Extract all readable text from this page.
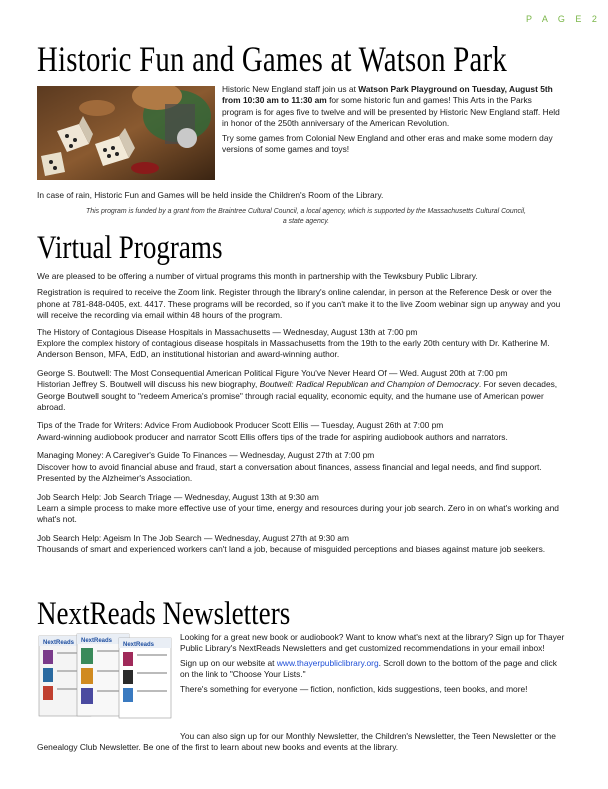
P A G E 2
Historic Fun and Games at Watson Park

Historic New England staff join us at Watson Park Playground on Tuesday, August 5th from 10:30 am to 11:30 am for some historic fun and games! This Arts in the Parks program is for ages five to twelve and will be presented by Historic New England staff. Held in honor of the 250th anniversary of the American Revolution.

Try some games from Colonial New England and other eras and make some modern day versions of some games and toys!

In case of rain, Historic Fun and Games will be held inside the Children's Room of the Library.

This program is funded by a grant from the Braintree Cultural Council, a local agency, which is supported by the Massachusetts Cultural Council, a state agency.

Virtual Programs

We are pleased to be offering a number of virtual programs this month in partnership with the Tewksbury Public Library.

Registration is required to receive the Zoom link. Register through the library's online calendar, in person at the Reference Desk or over the phone at 781-848-0405, ext. 4417. These programs will be recorded, so if you can't make it to the live Zoom webinar sign up anyway and you will receive the recording via email within 48 hours of the program.

The History of Contagious Disease Hospitals in Massachusetts — Wednesday, August 13th at 7:00 pm

Explore the complex history of contagious disease hospitals in Massachusetts from the 19th to the early 20th century with Dr. Katherine M. Anderson Benson, MFA, EdD, an institutional historian and award-winning author.

George S. Boutwell: The Most Consequential American Political Figure You've Never Heard Of — Wed. August 20th at 7:00 pm

Historian Jeffrey S. Boutwell will discuss his new biography, Boutwell: Radical Republican and Champion of Democracy. For seven decades, George Boutwell sought to "redeem America's promise" through racial equality, economic equity, and the humane use of American power abroad.

Tips of the Trade for Writers: Advice From Audiobook Producer Scott Ellis — Tuesday, August 26th at 7:00 pm

Award-winning audiobook producer and narrator Scott Ellis offers tips of the trade for aspiring audiobook authors and narrators.

Managing Money: A Caregiver's Guide To Finances — Wednesday, August 27th at 7:00 pm

Discover how to avoid financial abuse and fraud, start a conversation about finances, assess financial and legal needs, and find support. Presented by the Alzheimer's Association.

Job Search Help: Job Search Triage — Wednesday, August 13th at 9:30 am

Learn a simple process to make more effective use of your time, energy and resources during your job search. Zero in on what's working and what's not.

Job Search Help: Ageism In The Job Search — Wednesday, August 27th at 9:30 am

Thousands of smart and experienced workers can't land a job, because of misguided perceptions and biases against mature job seekers.

NextReads Newsletters
NextReads NextReads
NextReads

Looking for a great new book or audiobook? Want to know what's next at the library? Sign up for Thayer Public Library's NextReads Newsletters and get customized recommendations in your email inbox!

Sign up on our website at www.thayerpubliclibrary.org. Scroll down to the bottom of the page and click on the link to "Choose Your Lists."

There's something for everyone — fiction, nonfiction, kids suggestions, teen books, and more!

You can also sign up for our Monthly Newsletter, the Children's Newsletter, the Teen Newsletter or the Genealogy Club Newsletter. Be one of the first to learn about new books and events at the library.
